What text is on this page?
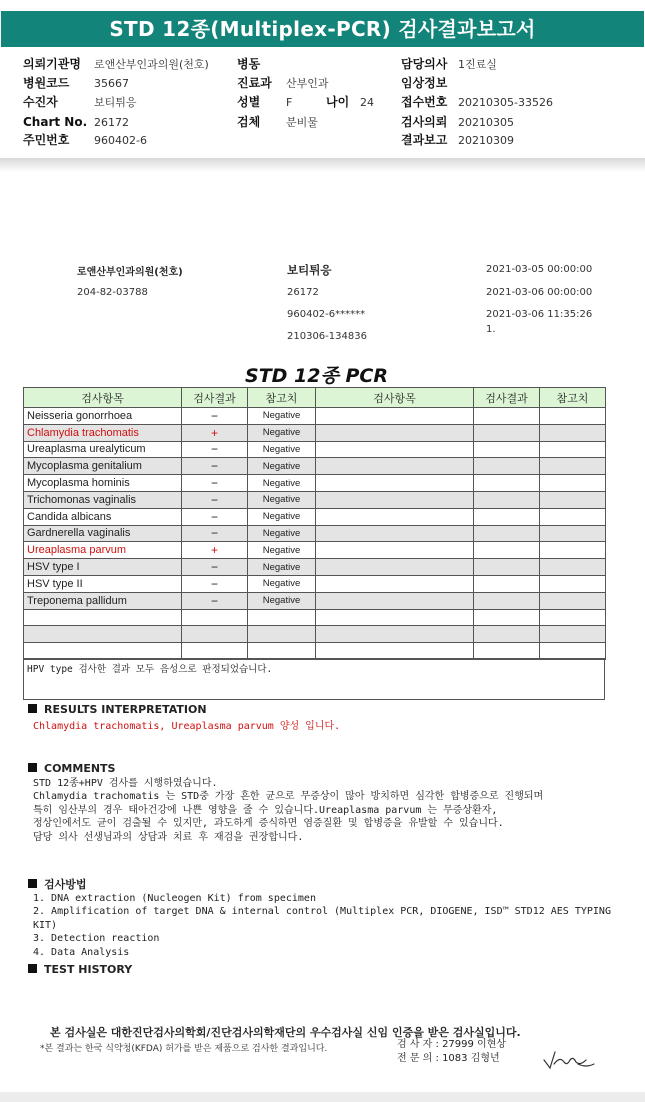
STD 12종(Multiplex-PCR) 검사결과보고서
의뢰기관명 로앤산부인과의원(천호)
병원코드 35667
수진자	보티튀응
Chart No. 26172
주민번호 960402-6
병동
진료과 산부인과
성별 F	나이 24
검체 분비물
담당의사 1진료실
임상정보
접수번호 20210305-33526
검사의뢰 20210305
결과보고 20210309
로앤산부인과의원(천호)
204-82-03788
보티튀응
26172
960402-6******
210306-134836
2021-03-05 00:00:00
2021-03-06 00:00:00
2021-03-06 11:35:26
1.
STD 12종 PCR
검사항목	검사결과	참고치	검사항목	검사결과	참고치
Neisseria gonorrhoea	−	Negative			
Chlamydia trachomatis	+	Negative			
Ureaplasma urealyticum	−	Negative			
Mycoplasma genitalium	−	Negative			
Mycoplasma hominis	−	Negative			
Trichomonas vaginalis	−	Negative			
Candida albicans	−	Negative			
Gardnerella vaginalis	−	Negative			
Ureaplasma parvum	+	Negative			
HSV type I	−	Negative			
HSV type II	−	Negative			
Treponema pallidum	−	Negative			

HPV type 검사한 결과 모두 음성으로 판정되었습니다.
RESULTS INTERPRETATION
Chlamydia trachomatis, Ureaplasma parvum 양성 입니다.
COMMENTS
STD 12종+HPV 검사를 시행하였습니다.
Chlamydia trachomatis 는 STD중 가장 흔한 균으로 무증상이 많아 방치하면 심각한 합병증으로 진행되며
특히 임산부의 경우 태아건강에 나쁜 영향을 줄 수 있습니다.Ureaplasma parvum 는 무증상환자,
정상인에서도 균이 검출될 수 있지만, 과도하게 증식하면 염증질환 및 합병증을 유발할 수 있습니다.
담당 의사 선생님과의 상담과 치료 후 재검을 권장합니다.
검사방법
1. DNA extraction (Nucleogen Kit) from specimen
2. Amplification of target DNA & internal control (Multiplex PCR, DIOGENE, ISD™ STD12 AES TYPING
KIT)
3. Detection reaction
4. Data Analysis
TEST HISTORY
본 검사실은 대한진단검사의학회/진단검사의학재단의 우수검사실 신임 인증을 받은 검사실입니다.
*본 결과는 한국 식약청(KFDA) 허가를 받은 제품으로 검사한 결과입니다.	검 사 자 : 27999 이현상
전 문 의 : 1083 김형년
